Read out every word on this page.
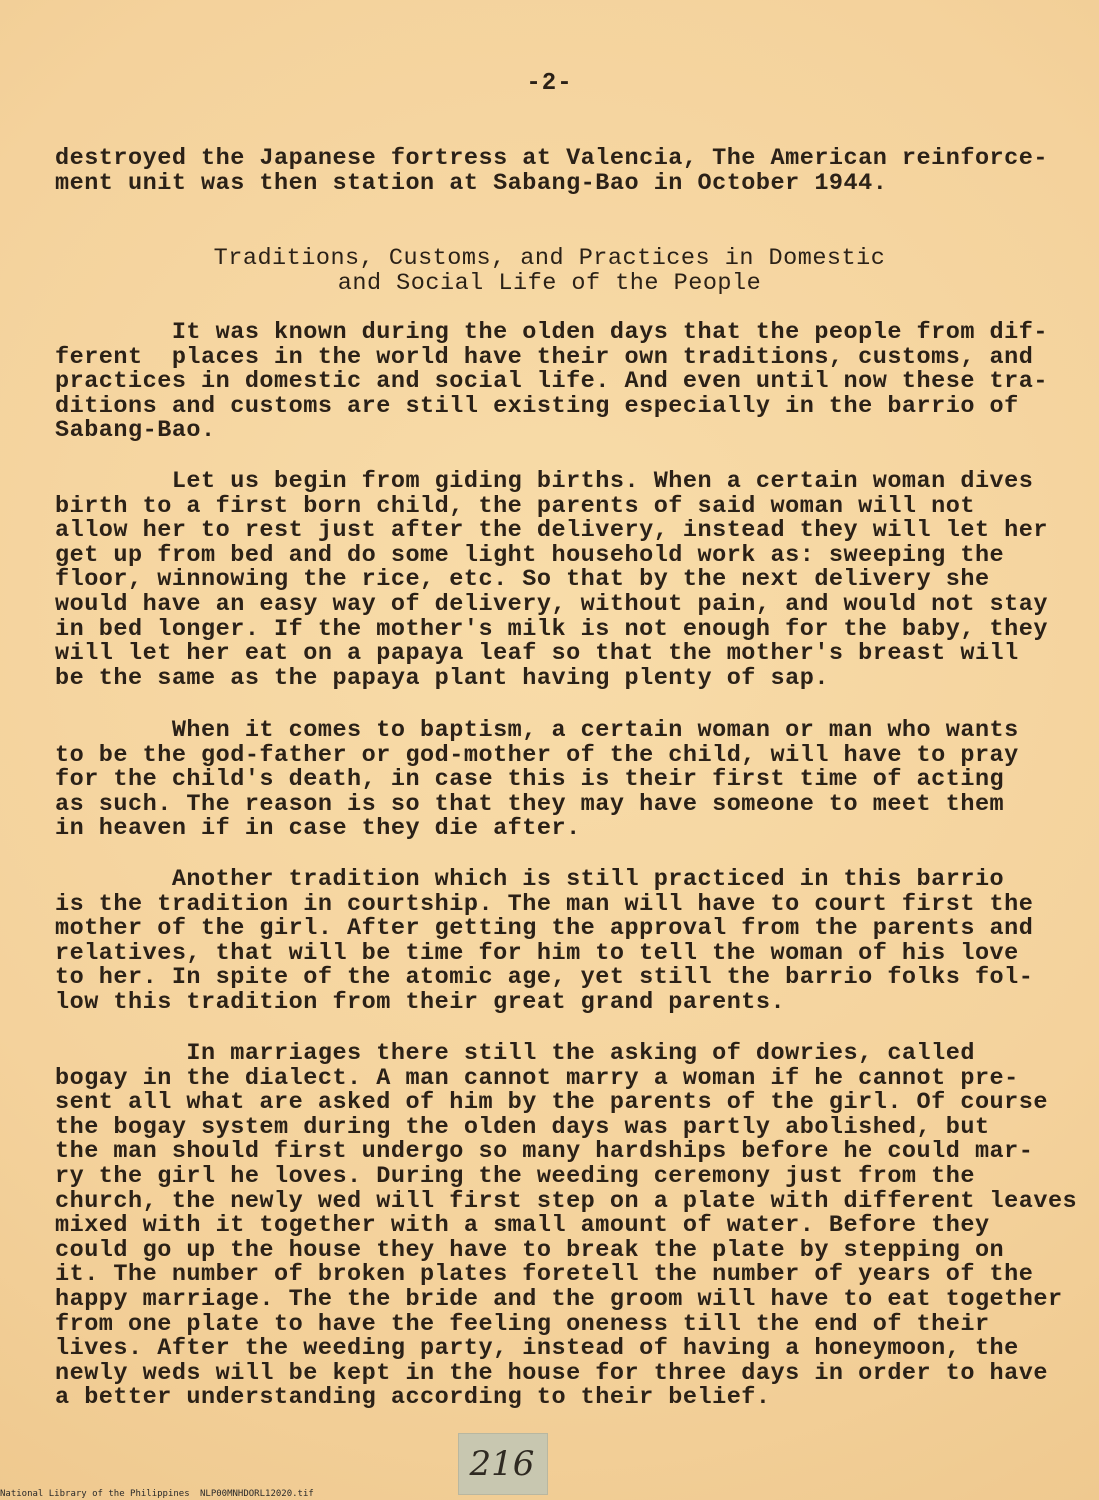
-2-
destroyed the Japanese fortress at Valencia, The American reinforce-
ment unit was then station at Sabang-Bao in October 1944.
Traditions, Customs, and Practices in Domestic
and Social Life of the People
It was known during the olden days that the people from dif-
ferent  places in the world have their own traditions, customs, and
practices in domestic and social life. And even until now these tra-
ditions and customs are still existing especially in the barrio of
Sabang-Bao.
Let us begin from giding births. When a certain woman dives
birth to a first born child, the parents of said woman will not
allow her to rest just after the delivery, instead they will let her
get up from bed and do some light household work as: sweeping the
floor, winnowing the rice, etc. So that by the next delivery she
would have an easy way of delivery, without pain, and would not stay
in bed longer. If the mother's milk is not enough for the baby, they
will let her eat on a papaya leaf so that the mother's breast will
be the same as the papaya plant having plenty of sap.
When it comes to baptism, a certain woman or man who wants
to be the god-father or god-mother of the child, will have to pray
for the child's death, in case this is their first time of acting
as such. The reason is so that they may have someone to meet them
in heaven if in case they die after.
Another tradition which is still practiced in this barrio
is the tradition in courtship. The man will have to court first the
mother of the girl. After getting the approval from the parents and
relatives, that will be time for him to tell the woman of his love
to her. In spite of the atomic age, yet still the barrio folks fol-
low this tradition from their great grand parents.
In marriages there still the asking of dowries, called
bogay in the dialect. A man cannot marry a woman if he cannot pre-
sent all what are asked of him by the parents of the girl. Of course
the bogay system during the olden days was partly abolished, but
the man should first undergo so many hardships before he could mar-
ry the girl he loves. During the weeding ceremony just from the
church, the newly wed will first step on a plate with different leaves
mixed with it together with a small amount of water. Before they
could go up the house they have to break the plate by stepping on
it. The number of broken plates foretell the number of years of the
happy marriage. The the bride and the groom will have to eat together
from one plate to have the feeling oneness till the end of their
lives. After the weeding party, instead of having a honeymoon, the
newly weds will be kept in the house for three days in order to have
a better understanding according to their belief.
216
National Library of the Philippines NLP00MNHDORL12020.tif
